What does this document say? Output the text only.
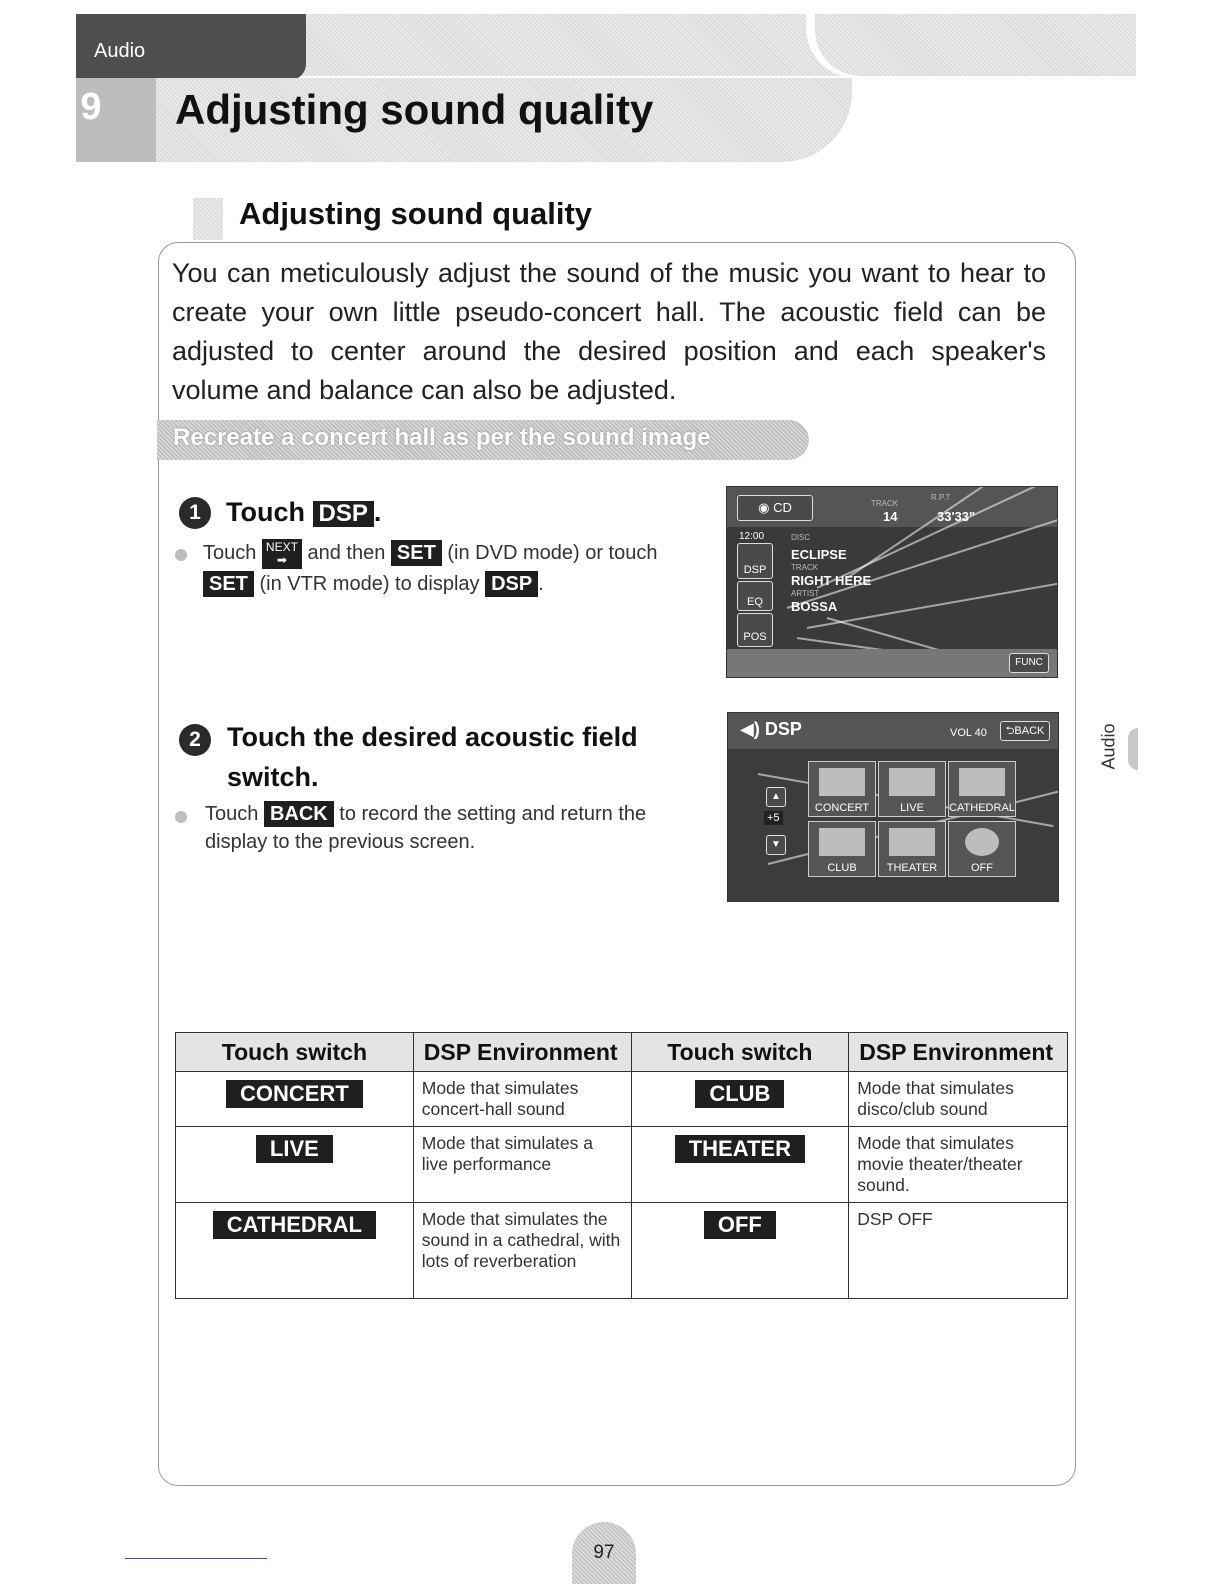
Audio
9 Adjusting sound quality
Adjusting sound quality
You can meticulously adjust the sound of the music you want to hear to create your own little pseudo-concert hall. The acoustic field can be adjusted to center around the desired position and each speaker's volume and balance can also be adjusted.
Recreate a concert hall as per the sound image
1 Touch DSP .
Touch NEXT
➡ and then SET (in DVD mode) or touch
SET (in VTR mode) to display DSP .
◉ CD	TRACK
14
R.P.T
33'33"
12:00	DISC
ECLIPSE
TRACK
RIGHT HERE
ARTIST
BOSSA
DSP
EQ
POS
FUNC
2 Touch the desired acoustic field
switch.
Touch BACK to record the setting and return the
display to the previous screen.
◀) DSP	VOL 40	⮌BACK
▲
+5
▼
CONCERT	LIVE	CATHEDRAL
CLUB	THEATER	OFF
Touch switch	DSP Environment	Touch switch	DSP Environment
CONCERT	Mode that simulates concert-hall sound	CLUB	Mode that simulates disco/club sound
LIVE	Mode that simulates a live performance	THEATER	Mode that simulates movie theater/theater sound.
CATHEDRAL	Mode that simulates the sound in a cathedral, with lots of reverberation	OFF	DSP OFF
Audio
97
